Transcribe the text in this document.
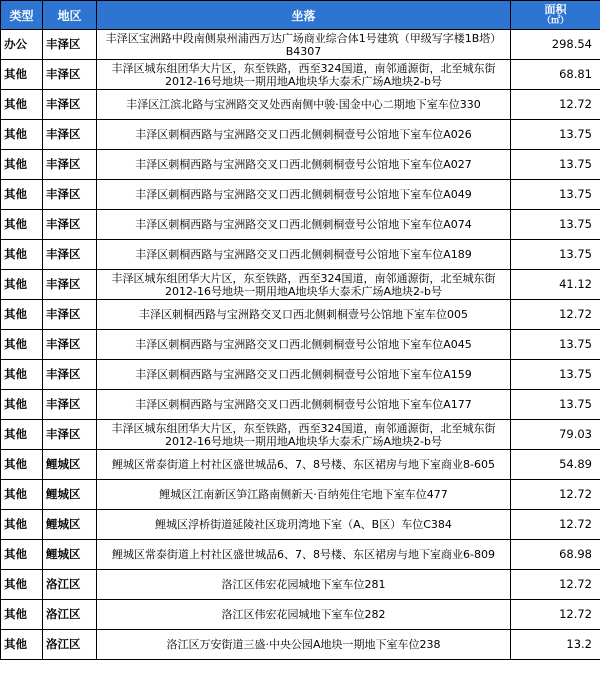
类型	地区	坐落	面积
（㎡）

办公	丰泽区	丰泽区宝洲路中段南侧泉州浦西万达广场商业综合体1号建筑（甲级写字楼1B塔）B4307	298.54
其他	丰泽区	丰泽区城东组团华大片区，东至铁路，西至324国道，南邻通源街，北至城东街2012-16号地块一期用地A地块华大泰禾广场A地块2-b号	68.81
其他	丰泽区	丰泽区江滨北路与宝洲路交叉处西南侧中骏·国金中心二期地下室车位330	12.72
其他	丰泽区	丰泽区刺桐西路与宝洲路交叉口西北侧刺桐壹号公馆地下室车位A026	13.75
其他	丰泽区	丰泽区刺桐西路与宝洲路交叉口西北侧刺桐壹号公馆地下室车位A027	13.75
其他	丰泽区	丰泽区刺桐西路与宝洲路交叉口西北侧刺桐壹号公馆地下室车位A049	13.75
其他	丰泽区	丰泽区刺桐西路与宝洲路交叉口西北侧刺桐壹号公馆地下室车位A074	13.75
其他	丰泽区	丰泽区刺桐西路与宝洲路交叉口西北侧刺桐壹号公馆地下室车位A189	13.75
其他	丰泽区	丰泽区城东组团华大片区，东至铁路，西至324国道，南邻通源街，北至城东街2012-16号地块一期用地A地块华大泰禾广场A地块2-b号	41.12
其他	丰泽区	丰泽区刺桐西路与宝洲路交叉口西北侧刺桐壹号公馆地下室车位005	12.72
其他	丰泽区	丰泽区刺桐西路与宝洲路交叉口西北侧刺桐壹号公馆地下室车位A045	13.75
其他	丰泽区	丰泽区刺桐西路与宝洲路交叉口西北侧刺桐壹号公馆地下室车位A159	13.75
其他	丰泽区	丰泽区刺桐西路与宝洲路交叉口西北侧刺桐壹号公馆地下室车位A177	13.75
其他	丰泽区	丰泽区城东组团华大片区，东至铁路，西至324国道，南邻通源街，北至城东街2012-16号地块一期用地A地块华大泰禾广场A地块2-b号	79.03
其他	鲤城区	鲤城区常泰街道上村社区盛世城品6、7、8号楼、东区裙房与地下室商业8-605	54.89
其他	鲤城区	鲤城区江南新区笋江路南侧新天·百纳苑住宅地下室车位477	12.72
其他	鲤城区	鲤城区浮桥街道延陵社区珑玥湾地下室（A、B区）车位C384	12.72
其他	鲤城区	鲤城区常泰街道上村社区盛世城品6、7、8号楼、东区裙房与地下室商业6-809	68.98
其他	洛江区	洛江区伟宏花园城地下室车位281	12.72
其他	洛江区	洛江区伟宏花园城地下室车位282	12.72
其他	洛江区	洛江区万安街道三盛·中央公园A地块一期地下室车位238	13.2
